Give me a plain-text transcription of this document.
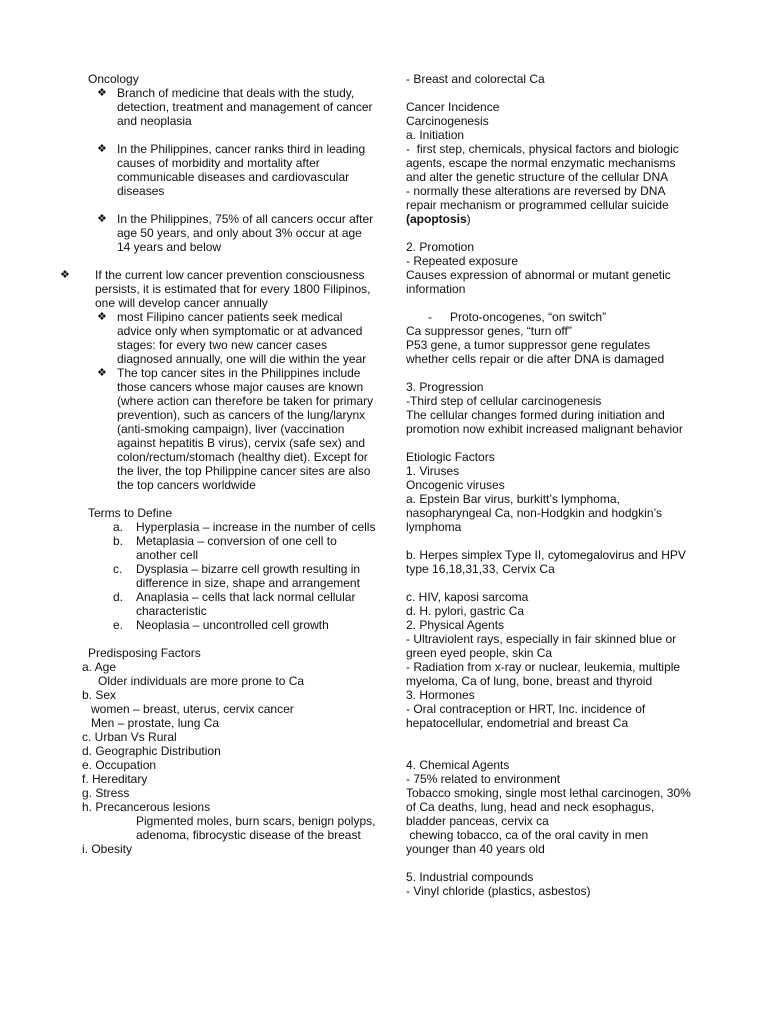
Oncology

❖ Branch of medicine that deals with the study, detection, treatment and management of cancer and neoplasia

❖ In the Philippines, cancer ranks third in leading causes of morbidity and mortality after communicable diseases and cardiovascular diseases

❖ In the Philippines, 75% of all cancers occur after age 50 years, and only about 3% occur at age 14 years and below

❖ If the current low cancer prevention consciousness persists, it is estimated that for every 1800 Filipinos, one will develop cancer annually

❖ most Filipino cancer patients seek medical advice only when symptomatic or at advanced stages: for every two new cancer cases diagnosed annually, one will die within the year

❖ The top cancer sites in the Philippines include those cancers whose major causes are known (where action can therefore be taken for primary prevention), such as cancers of the lung/larynx (anti-smoking campaign), liver (vaccination against hepatitis B virus), cervix (safe sex) and colon/rectum/stomach (healthy diet). Except for the liver, the top Philippine cancer sites are also the top cancers worldwide

Terms to Define

a. Hyperplasia – increase in the number of cells

b. Metaplasia – conversion of one cell to another cell

c. Dysplasia – bizarre cell growth resulting in difference in size, shape and arrangement

d. Anaplasia – cells that lack normal cellular characteristic

e. Neoplasia – uncontrolled cell growth

Predisposing Factors

a. Age

Older individuals are more prone to Ca

b. Sex

women – breast, uterus, cervix cancer

Men – prostate, lung Ca

c. Urban Vs Rural

d. Geographic Distribution

e. Occupation

f. Hereditary

g. Stress

h. Precancerous lesions

Pigmented moles, burn scars, benign polyps, adenoma, fibrocystic disease of the breast

i. Obesity

- Breast and colorectal Ca

Cancer Incidence

Carcinogenesis

a. Initiation

-  first step, chemicals, physical factors and biologic agents, escape the normal enzymatic mechanisms and alter the genetic structure of the cellular DNA

- normally these alterations are reversed by DNA repair mechanism or programmed cellular suicide (apoptosis)

2. Promotion

- Repeated exposure

Causes expression of abnormal or mutant genetic information

- Proto-oncogenes, “on switch”

Ca suppressor genes, “turn off”

P53 gene, a tumor suppressor gene regulates whether cells repair or die after DNA is damaged

3. Progression

-Third step of cellular carcinogenesis

The cellular changes formed during initiation and promotion now exhibit increased malignant behavior

Etiologic Factors

1. Viruses

Oncogenic viruses

a. Epstein Bar virus, burkitt’s lymphoma, nasopharyngeal Ca, non-Hodgkin and hodgkin’s lymphoma

b. Herpes simplex Type II, cytomegalovirus and HPV type 16,18,31,33, Cervix Ca

c. HIV, kaposi sarcoma

d. H. pylori, gastric Ca

2. Physical Agents

- Ultraviolent rays, especially in fair skinned blue or green eyed people, skin Ca

- Radiation from x-ray or nuclear, leukemia, multiple myeloma, Ca of lung, bone, breast and thyroid

3. Hormones

- Oral contraception or HRT, Inc. incidence of hepatocellular, endometrial and breast Ca

4. Chemical Agents

- 75% related to environment

Tobacco smoking, single most lethal carcinogen, 30% of Ca deaths, lung, head and neck esophagus, bladder panceas, cervix ca

chewing tobacco, ca of the oral cavity in men younger than 40 years old

5. Industrial compounds

- Vinyl chloride (plastics, asbestos)
